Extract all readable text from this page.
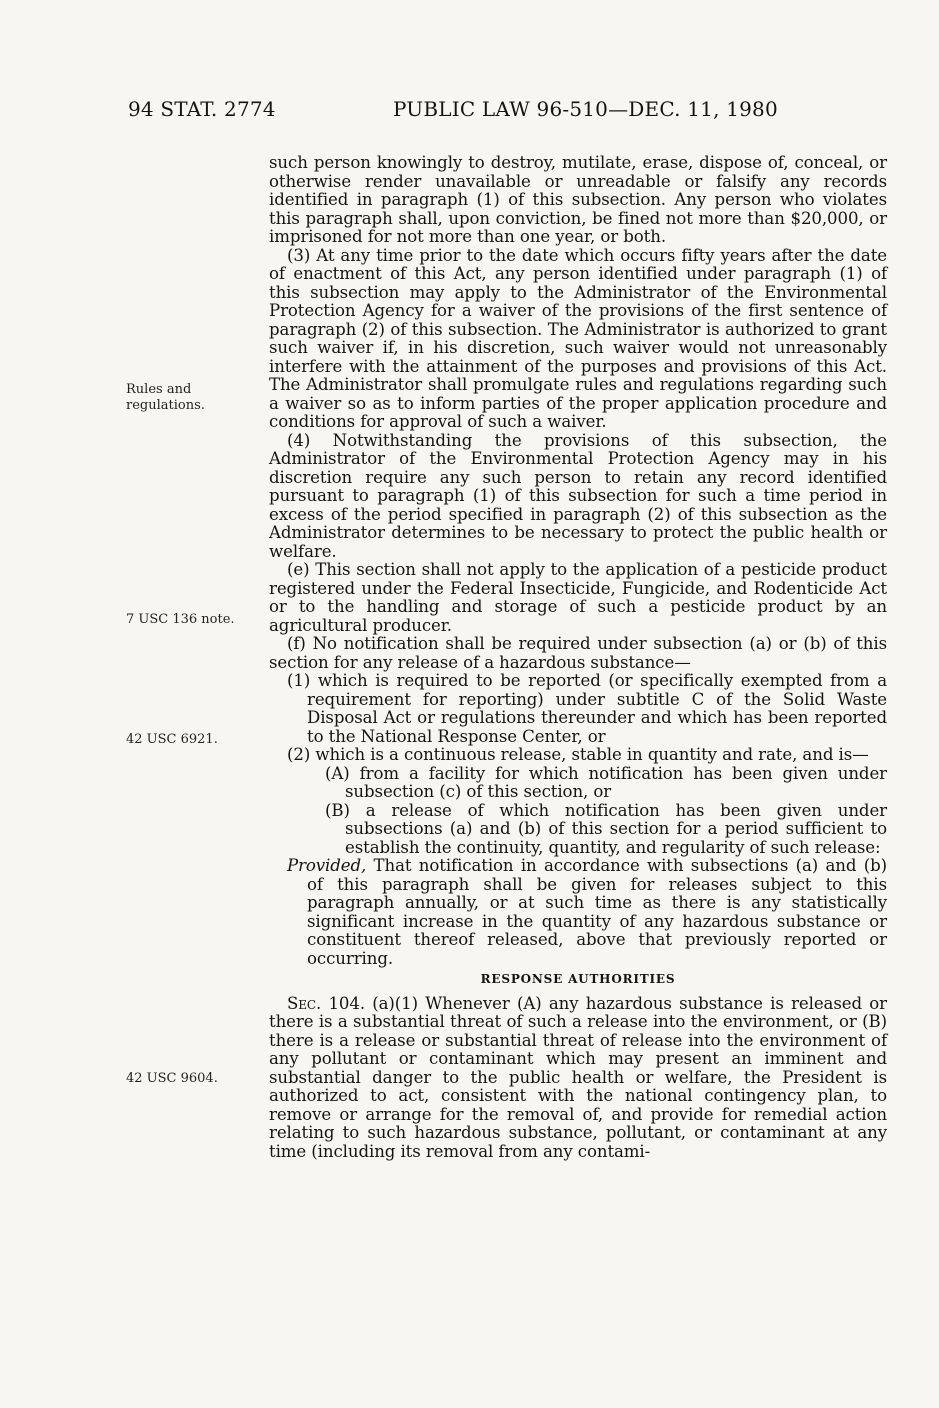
94 STAT. 2774	PUBLIC LAW 96-510—DEC. 11, 1980
Rules and regulations.
7 USC 136 note.
42 USC 6921.
42 USC 9604.

such person knowingly to destroy, mutilate, erase, dispose of, conceal, or otherwise render unavailable or unreadable or falsify any records identified in paragraph (1) of this subsection. Any person who violates this paragraph shall, upon conviction, be fined not more than $20,000, or imprisoned for not more than one year, or both.

(3) At any time prior to the date which occurs fifty years after the date of enactment of this Act, any person identified under paragraph (1) of this subsection may apply to the Administrator of the Environmental Protection Agency for a waiver of the provisions of the first sentence of paragraph (2) of this subsection. The Administrator is authorized to grant such waiver if, in his discretion, such waiver would not unreasonably interfere with the attainment of the purposes and provisions of this Act. The Administrator shall promulgate rules and regulations regarding such a waiver so as to inform parties of the proper application procedure and conditions for approval of such a waiver.

(4) Notwithstanding the provisions of this subsection, the Administrator of the Environmental Protection Agency may in his discretion require any such person to retain any record identified pursuant to paragraph (1) of this subsection for such a time period in excess of the period specified in paragraph (2) of this subsection as the Administrator determines to be necessary to protect the public health or welfare.

(e) This section shall not apply to the application of a pesticide product registered under the Federal Insecticide, Fungicide, and Rodenticide Act or to the handling and storage of such a pesticide product by an agricultural producer.

(f) No notification shall be required under subsection (a) or (b) of this section for any release of a hazardous substance—

(1) which is required to be reported (or specifically exempted from a requirement for reporting) under subtitle C of the Solid Waste Disposal Act or regulations thereunder and which has been reported to the National Response Center, or

(2) which is a continuous release, stable in quantity and rate, and is—

(A) from a facility for which notification has been given under subsection (c) of this section, or

(B) a release of which notification has been given under subsections (a) and (b) of this section for a period sufficient to establish the continuity, quantity, and regularity of such release:

Provided, That notification in accordance with subsections (a) and (b) of this paragraph shall be given for releases subject to this paragraph annually, or at such time as there is any statistically significant increase in the quantity of any hazardous substance or constituent thereof released, above that previously reported or occurring.

RESPONSE AUTHORITIES

Sec. 104. (a)(1) Whenever (A) any hazardous substance is released or there is a substantial threat of such a release into the environment, or (B) there is a release or substantial threat of release into the environment of any pollutant or contaminant which may present an imminent and substantial danger to the public health or welfare, the President is authorized to act, consistent with the national contingency plan, to remove or arrange for the removal of, and provide for remedial action relating to such hazardous substance, pollutant, or contaminant at any time (including its removal from any contami-
